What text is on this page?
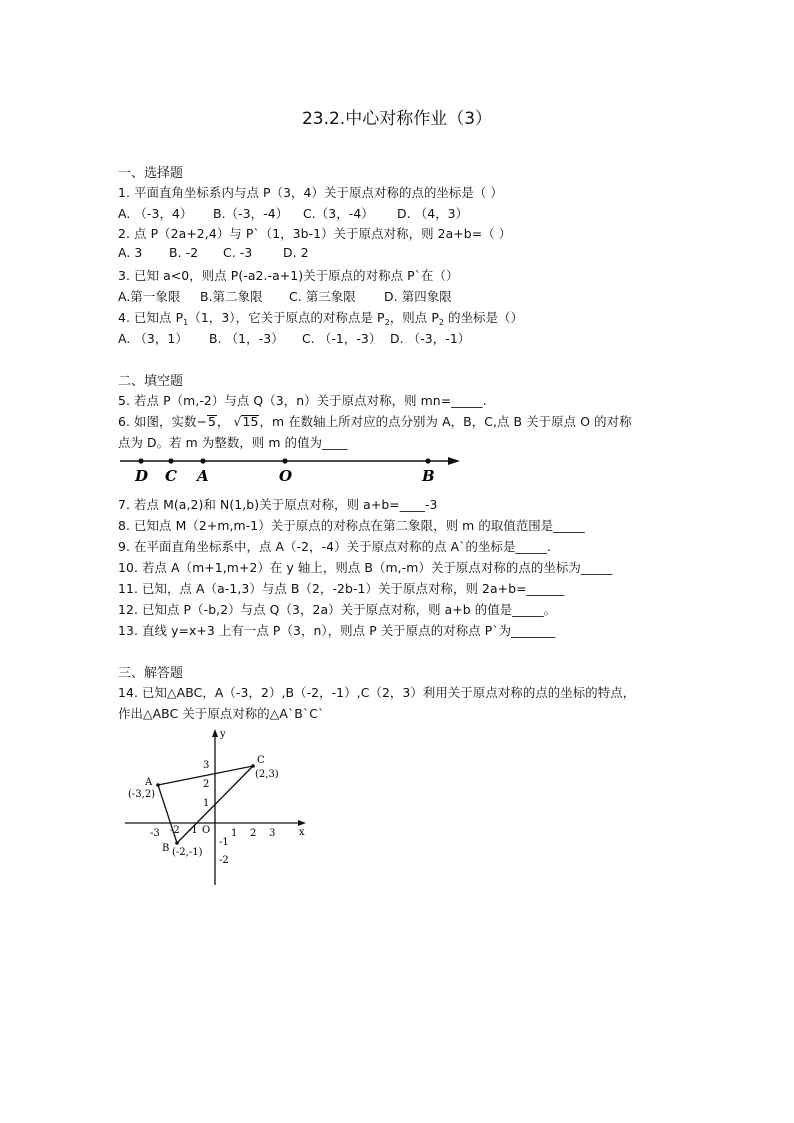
23.2.中心对称作业（3）
一、选择题
1. 平面直角坐标系内与点 P（3，4）关于原点对称的点的坐标是（ ）
A. （-3，4） B.（-3，-4） C.（3，-4） D. （4，3）
2. 点 P（2a+2,4）与 P`（1，3b-1）关于原点对称，则 2a+b=（ ）
A. 3 B. -2 C. -3 D. 2
3. 已知 a<0，则点 P(-a2.-a+1)关于原点的对称点 P`在（）
A.第一象限 B.第二象限 C. 第三象限 D. 第四象限
4. 已知点 $P_1(1$，3），它关于原点的对称点是 $P_2$，则点 $P_2$ 的坐标是（）
A. （3，1） B. （1，-3） C. （-1，-3） D. （-3，-1）
二、填空题
5. 若点 P（m,-2）与点 Q（3，n）关于原点对称，则 mn=_____.
6. 如图，实数−5， √15，m 在数轴上所对应的点分别为 A，B，C,点 B 关于原点 O 的对称
点为 D。若 m 为整数，则 m 的值为____
D C A	O	B
7. 若点 M(a,2)和 N(1,b)关于原点对称，则 a+b=____-3
8. 已知点 M（2+m,m-1）关于原点的对称点在第二象限，则 m 的取值范围是_____
9. 在平面直角坐标系中，点 A（-2，-4）关于原点对称的点 A`的坐标是_____.
10. 若点 A（m+1,m+2）在 y 轴上，则点 B（m,-m）关于原点对称的点的坐标为_____
11. 已知，点 A（a-1,3）与点 B（2，-2b-1）关于原点对称，则 2a+b=______
12. 已知点 P（-b,2）与点 Q（3，2a）关于原点对称，则 a+b 的值是_____。
13. 直线 y=x+3 上有一点 P（3，n），则点 P 关于原点的对称点 P`为_______
三、解答题
14. 已知△ABC，A（-3，2）,B（-2，-1）,C（2，3）利用关于原点对称的点的坐标的特点，
作出△ABC 关于原点对称的△A`B`C`
-3 -2 -1	1 2 3
3
2
1
-1
-2
O	x
y
A
(-3,2)
B (-2,-1)
C
(2,3)
